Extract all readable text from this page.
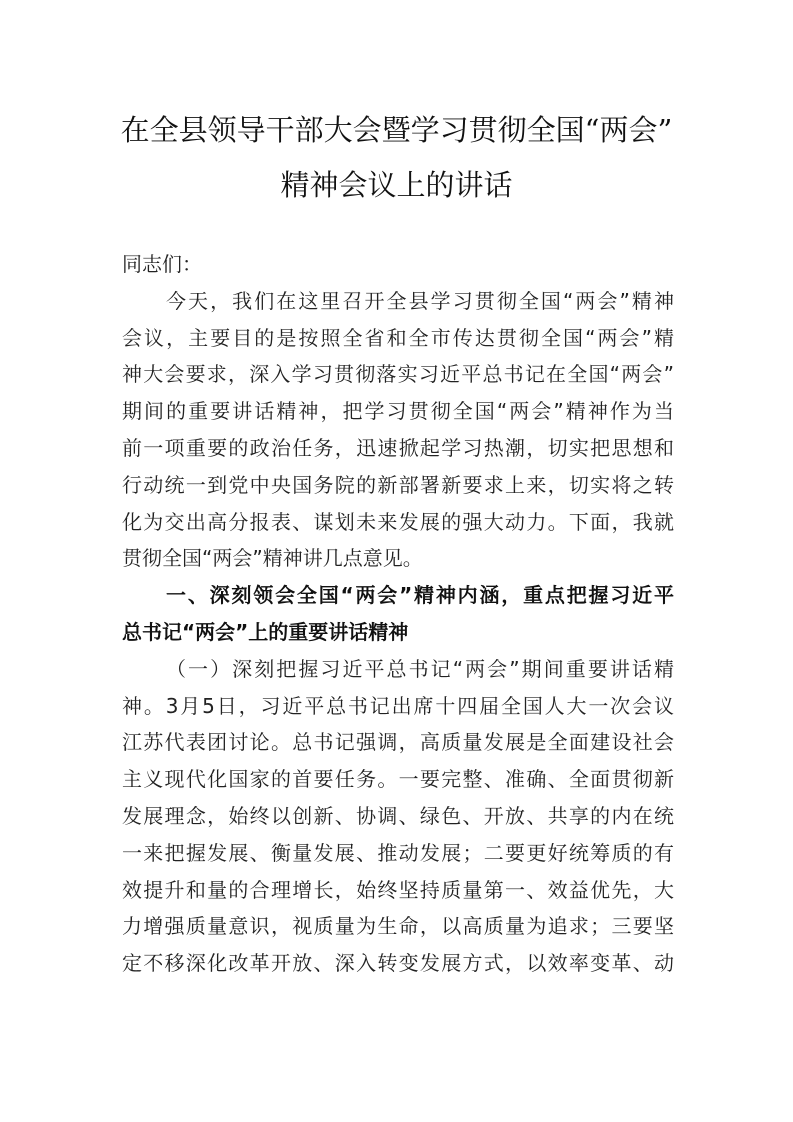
在全县领导干部大会暨学习贯彻全国“两会”
精神会议上的讲话
同志们：
今天，我们在这里召开全县学习贯彻全国“两会”精神
会议，主要目的是按照全省和全市传达贯彻全国“两会”精
神大会要求，深入学习贯彻落实习近平总书记在全国“两会”
期间的重要讲话精神，把学习贯彻全国“两会”精神作为当
前一项重要的政治任务，迅速掀起学习热潮，切实把思想和
行动统一到党中央国务院的新部署新要求上来，切实将之转
化为交出高分报表、谋划未来发展的强大动力。下面，我就
贯彻全国“两会”精神讲几点意见。
一、深刻领会全国“两会”精神内涵，重点把握习近平
总书记“两会”上的重要讲话精神
（一）深刻把握习近平总书记“两会”期间重要讲话精
神。3月5日，习近平总书记出席十四届全国人大一次会议
江苏代表团讨论。总书记强调，高质量发展是全面建设社会
主义现代化国家的首要任务。一要完整、准确、全面贯彻新
发展理念，始终以创新、协调、绿色、开放、共享的内在统
一来把握发展、衡量发展、推动发展；二要更好统筹质的有
效提升和量的合理增长，始终坚持质量第一、效益优先，大
力增强质量意识，视质量为生命，以高质量为追求；三要坚
定不移深化改革开放、深入转变发展方式，以效率变革、动
